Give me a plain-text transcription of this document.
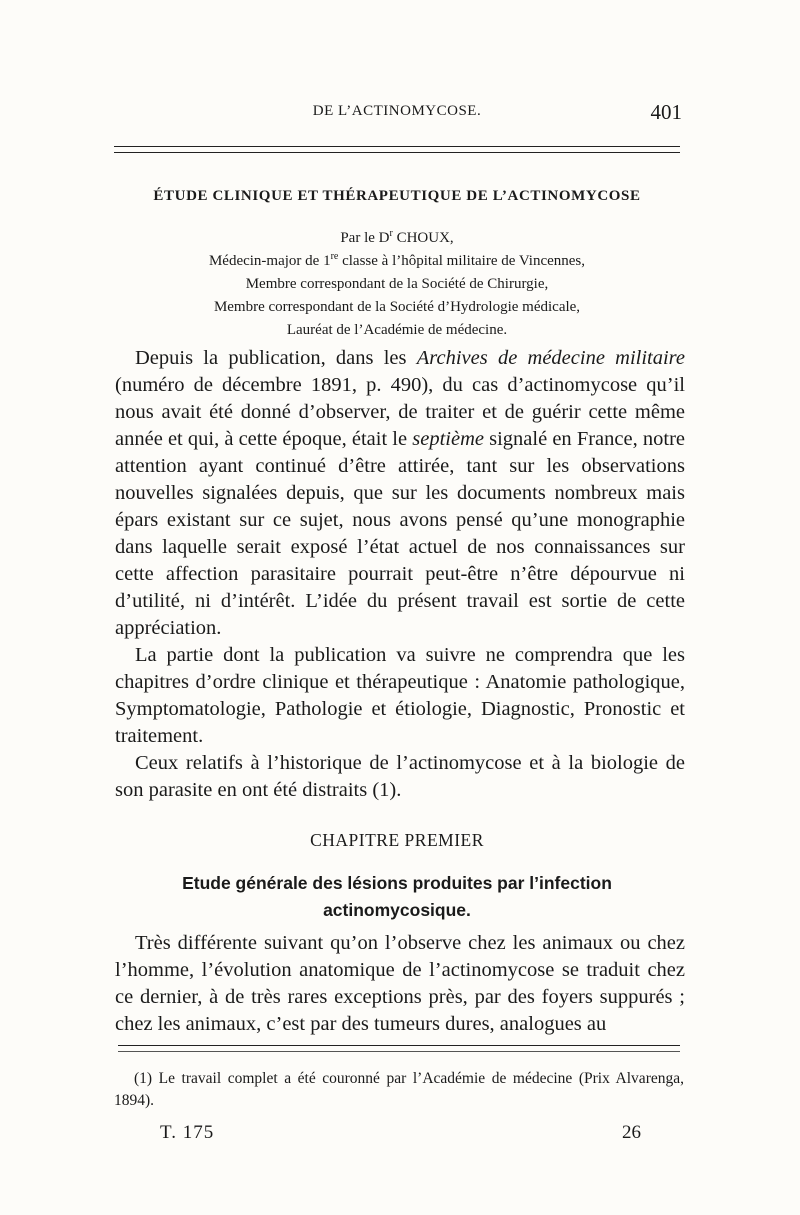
DE L’ACTINOMYCOSE.	401
ÉTUDE CLINIQUE ET THÉRAPEUTIQUE DE L’ACTINOMYCOSE
Par le $D^r$ CHOUX,
Médecin-major de 1re classe à l’hôpital militaire de Vincennes,
Membre correspondant de la Société de Chirurgie,
Membre correspondant de la Société d’Hydrologie médicale,
Lauréat de l’Académie de médecine.

Depuis la publication, dans les Archives de médecine militaire (numéro de décembre 1891, p. 490), du cas d’actinomycose qu’il nous avait été donné d’observer, de traiter et de guérir cette même année et qui, à cette époque, était le septième signalé en France, notre attention ayant continué d’être attirée, tant sur les observations nouvelles signalées depuis, que sur les documents nombreux mais épars existant sur ce sujet, nous avons pensé qu’une monographie dans laquelle serait exposé l’état actuel de nos connaissances sur cette affection parasitaire pourrait peut-être n’être dépourvue ni d’utilité, ni d’intérêt. L’idée du présent travail est sortie de cette appréciation.

La partie dont la publication va suivre ne comprendra que les chapitres d’ordre clinique et thérapeutique : Anatomie pathologique, Symptomatologie, Pathologie et étiologie, Diagnostic, Pronostic et traitement.

Ceux relatifs à l’historique de l’actinomycose et à la biologie de son parasite en ont été distraits (1).

CHAPITRE PREMIER
Etude générale des lésions produites par l’infection actinomycosique.

Très différente suivant qu’on l’observe chez les animaux ou chez l’homme, l’évolution anatomique de l’actinomycose se traduit chez ce dernier, à de très rares exceptions près, par des foyers suppurés ; chez les animaux, c’est par des tumeurs dures, analogues au

(1) Le travail complet a été couronné par l’Académie de médecine (Prix Alvarenga, 1894).
T. 175	26
